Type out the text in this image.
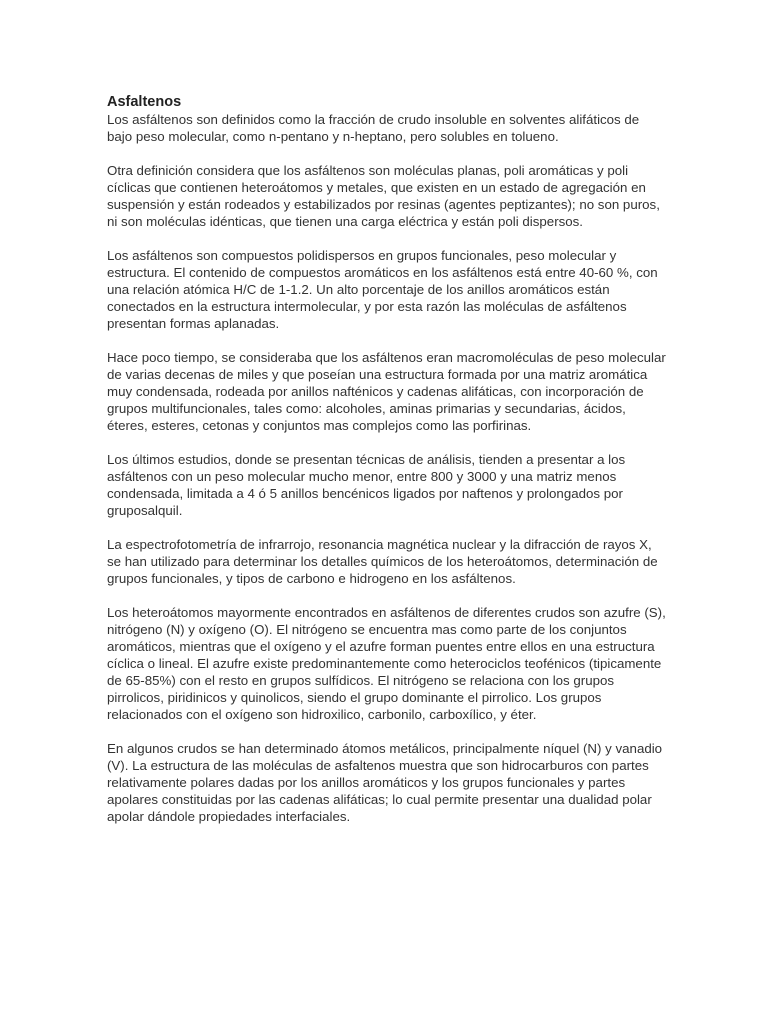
Asfaltenos

Los asfáltenos son definidos como la fracción de crudo insoluble en solventes alifáticos de bajo peso molecular, como n-pentano y n-heptano, pero solubles en tolueno.

Otra definición considera que los asfáltenos son moléculas planas, poli aromáticas y poli cíclicas que contienen heteroátomos y metales, que existen en un estado de agregación en suspensión y están rodeados y estabilizados por resinas (agentes peptizantes); no son puros, ni son moléculas idénticas, que tienen una carga eléctrica y están poli dispersos.

Los asfáltenos son compuestos polidispersos en grupos funcionales, peso molecular y estructura. El contenido de compuestos aromáticos en los asfáltenos está entre 40-60 %, con una relación atómica H/C de 1-1.2. Un alto porcentaje de los anillos aromáticos están conectados en la estructura intermolecular, y por esta razón las moléculas de asfáltenos presentan formas aplanadas.

Hace poco tiempo, se consideraba que los asfáltenos eran macromoléculas de peso molecular de varias decenas de miles y que poseían una estructura formada por una matriz aromática muy condensada, rodeada por anillos nafténicos y cadenas alifáticas, con incorporación de grupos multifuncionales, tales como: alcoholes, aminas primarias y secundarias, ácidos, éteres, esteres, cetonas y conjuntos mas complejos como las porfirinas.

Los últimos estudios, donde se presentan técnicas de análisis, tienden a presentar a los asfáltenos con un peso molecular mucho menor, entre 800 y 3000 y una matriz menos condensada, limitada a 4 ó 5 anillos bencénicos ligados por naftenos y prolongados por gruposalquil.

La espectrofotometría de infrarrojo, resonancia magnética nuclear y la difracción de rayos X, se han utilizado para determinar los detalles químicos de los heteroátomos, determinación de grupos funcionales, y tipos de carbono e hidrogeno en los asfáltenos.

Los heteroátomos mayormente encontrados en asfáltenos de diferentes crudos son azufre (S), nitrógeno (N) y oxígeno (O). El nitrógeno se encuentra mas como parte de los conjuntos aromáticos, mientras que el oxígeno y el azufre forman puentes entre ellos en una estructura cíclica o lineal. El azufre existe predominantemente como heterociclos teofénicos (tipicamente de 65-85%) con el resto en grupos sulfídicos. El nitrógeno se relaciona con los grupos pirrolicos, piridinicos y quinolicos, siendo el grupo dominante el pirrolico. Los grupos relacionados con el oxígeno son hidroxilico, carbonilo, carboxílico, y éter.

En algunos crudos se han determinado átomos metálicos, principalmente níquel (N) y vanadio (V). La estructura de las moléculas de asfaltenos muestra que son hidrocarburos con partes relativamente polares dadas por los anillos aromáticos y los grupos funcionales y partes apolares constituidas por las cadenas alifáticas; lo cual permite presentar una dualidad polar apolar dándole propiedades interfaciales.
